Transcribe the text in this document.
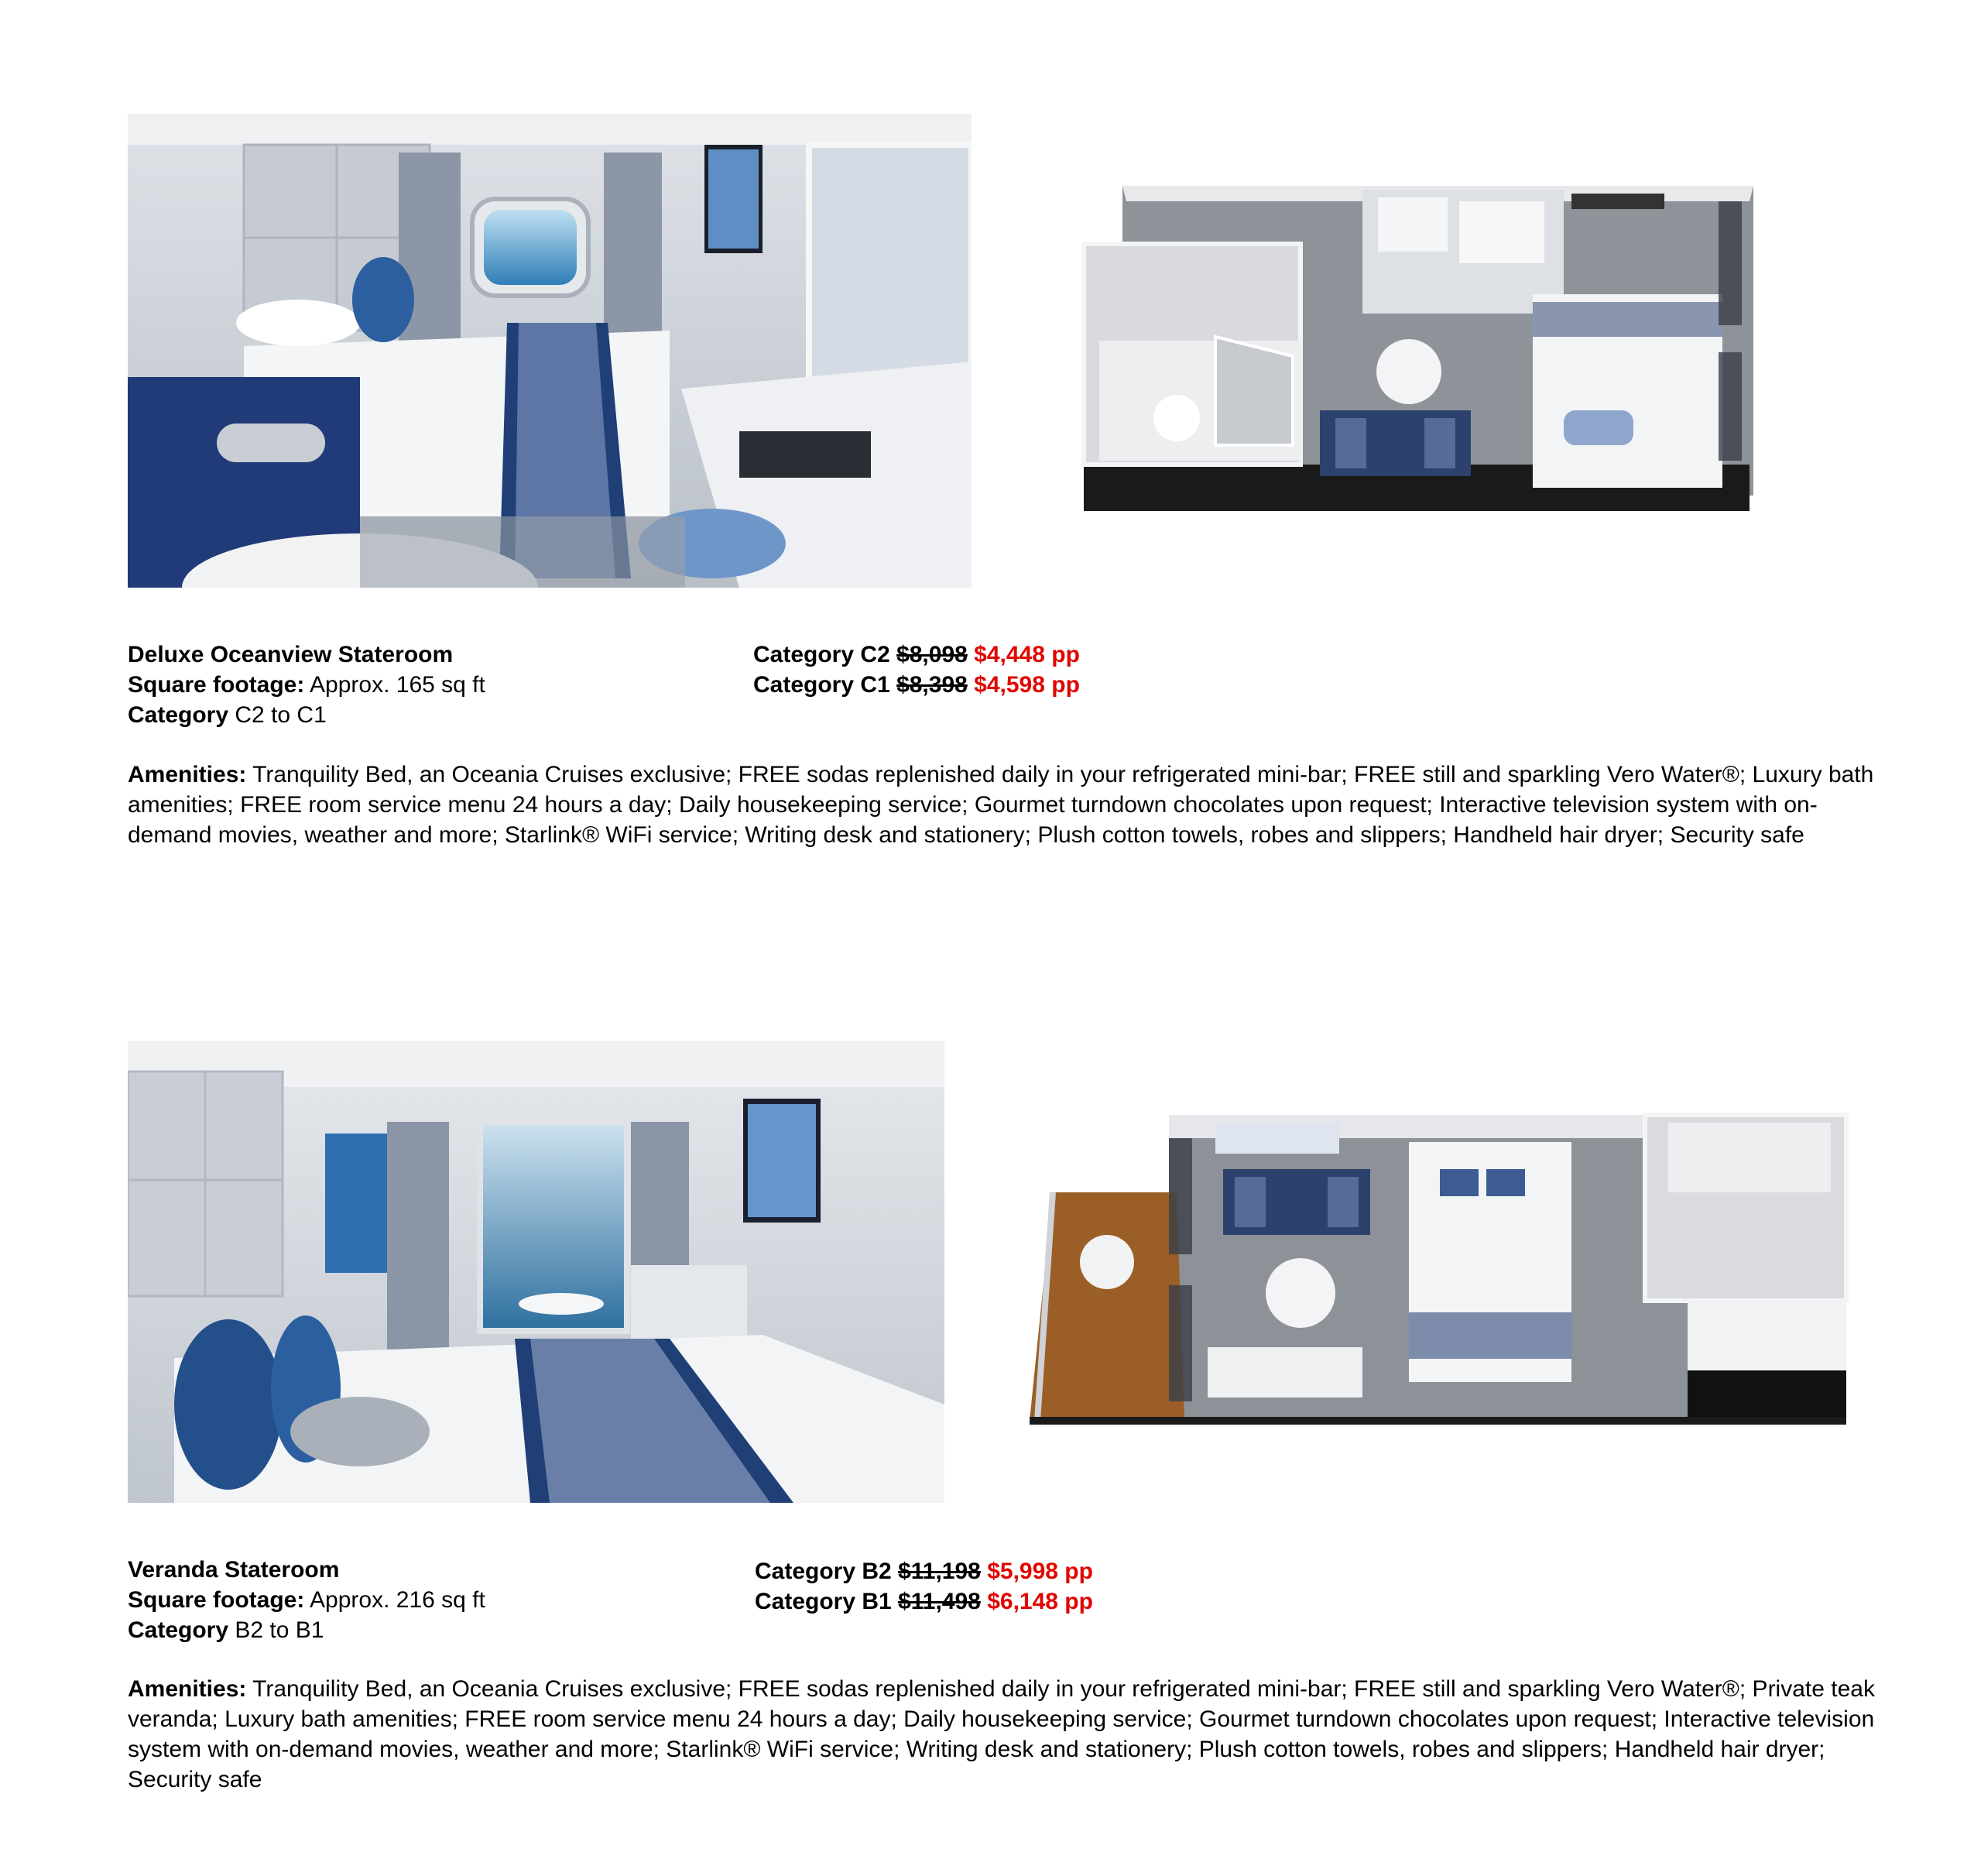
Deluxe Oceanview Stateroom
Square footage: Approx. 165 sq ft
Category C2 to C1
Category C2 $8,098 $4,448 pp
Category C1 $8,398 $4,598 pp
Amenities: Tranquility Bed, an Oceania Cruises exclusive; FREE sodas replenished daily in your refrigerated mini-bar; FREE still and sparkling Vero Water®; Luxury bath amenities; FREE room service menu 24 hours a day; Daily housekeeping service; Gourmet turndown chocolates upon request; Interactive television system with on-demand movies, weather and more; Starlink® WiFi service; Writing desk and stationery; Plush cotton towels, robes and slippers; Handheld hair dryer; Security safe
Veranda Stateroom
Square footage: Approx. 216 sq ft
Category B2 to B1
Category B2 $11,198 $5,998 pp
Category B1 $11,498 $6,148 pp
Amenities: Tranquility Bed, an Oceania Cruises exclusive; FREE sodas replenished daily in your refrigerated mini-bar; FREE still and sparkling Vero Water®; Private teak veranda; Luxury bath amenities; FREE room service menu 24 hours a day; Daily housekeeping service; Gourmet turndown chocolates upon request; Interactive television system with on-demand movies, weather and more; Starlink® WiFi service; Writing desk and stationery; Plush cotton towels, robes and slippers; Handheld hair dryer; Security safe
